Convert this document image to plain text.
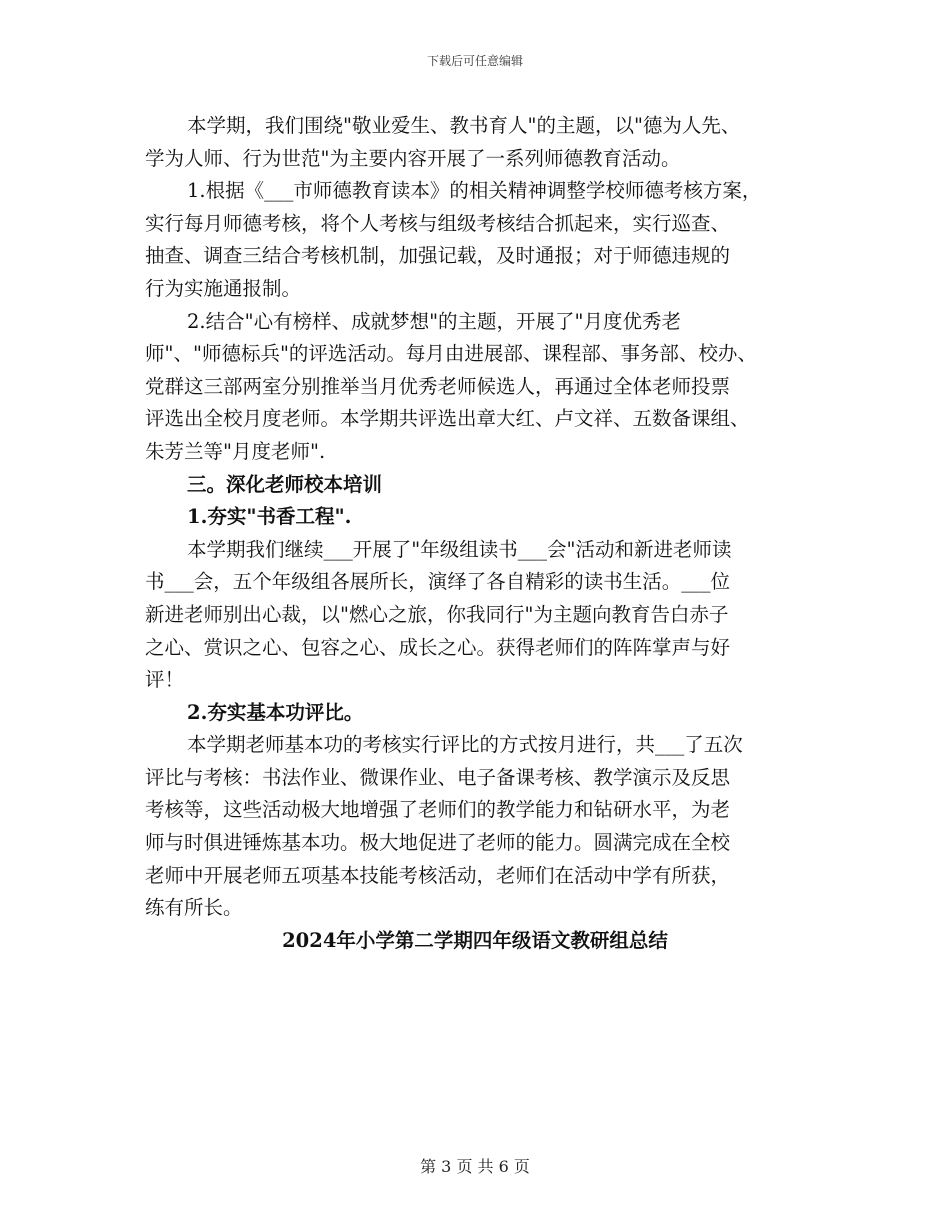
下载后可任意编辑
本学期，我们围绕"敬业爱生、教书育人"的主题，以"德为人先、
学为人师、行为世范"为主要内容开展了一系列师德教育活动。
1.根据《___市师德教育读本》的相关精神调整学校师德考核方案，
实行每月师德考核，将个人考核与组级考核结合抓起来，实行巡查、
抽查、调查三结合考核机制，加强记载，及时通报；对于师德违规的
行为实施通报制。
2.结合"心有榜样、成就梦想"的主题，开展了"月度优秀老
师"、"师德标兵"的评选活动。每月由进展部、课程部、事务部、校办、
党群这三部两室分别推举当月优秀老师候选人，再通过全体老师投票
评选出全校月度老师。本学期共评选出章大红、卢文祥、五数备课组、
朱芳兰等"月度老师".
三。深化老师校本培训
1.夯实"书香工程".
本学期我们继续___开展了"年级组读书___会"活动和新进老师读
书___会，五个年级组各展所长，演绎了各自精彩的读书生活。___位
新进老师别出心裁，以"燃心之旅，你我同行"为主题向教育告白赤子
之心、赏识之心、包容之心、成长之心。获得老师们的阵阵掌声与好
评！
2.夯实基本功评比。
本学期老师基本功的考核实行评比的方式按月进行，共___了五次
评比与考核：书法作业、微课作业、电子备课考核、教学演示及反思
考核等，这些活动极大地增强了老师们的教学能力和钻研水平，为老
师与时俱进锤炼基本功。极大地促进了老师的能力。圆满完成在全校
老师中开展老师五项基本技能考核活动，老师们在活动中学有所获，
练有所长。
2024年小学第二学期四年级语文教研组总结
第 3 页 共 6 页
